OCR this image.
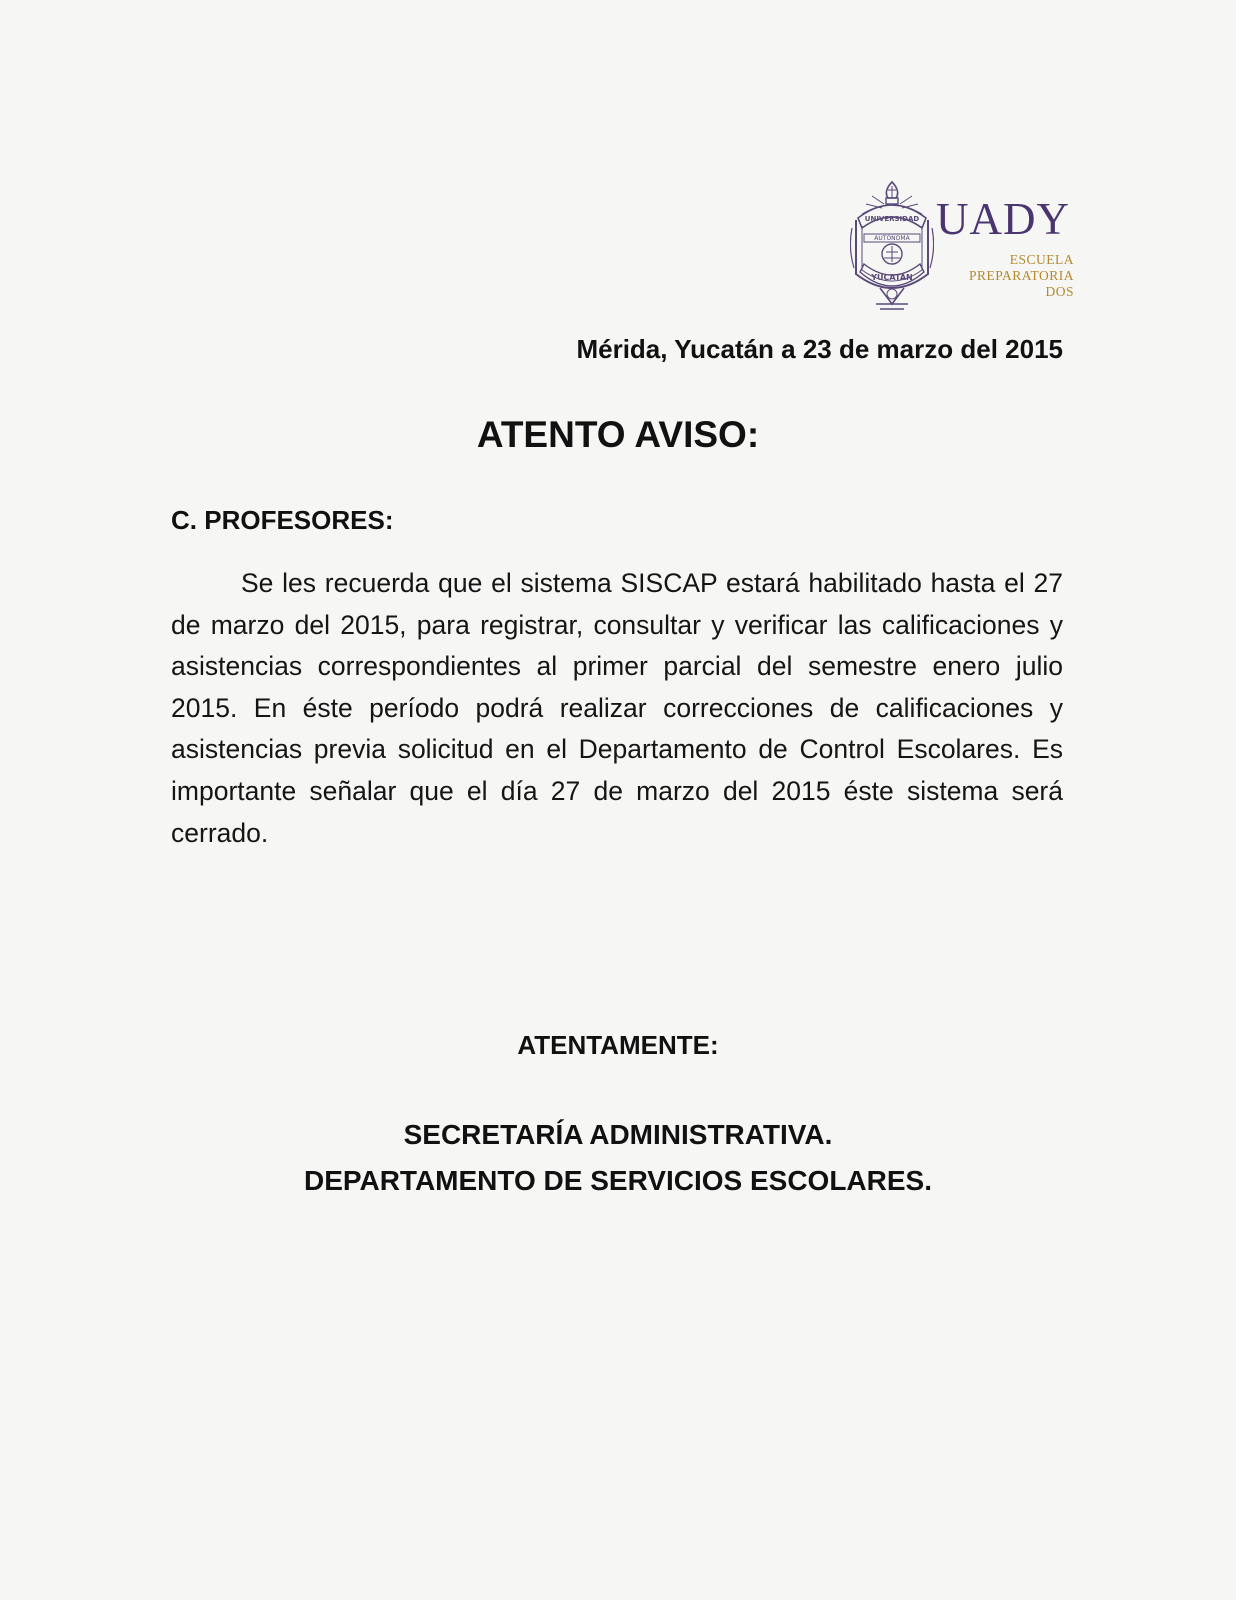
UNIVERSIDAD
AUTÓNOMA
YUCATÁN
UADY
ESCUELA
PREPARATORIA
DOS
Mérida, Yucatán a 23 de marzo del 2015
ATENTO AVISO:
C. PROFESORES:

Se les recuerda que el sistema SISCAP estará habilitado hasta el 27 de marzo del 2015, para registrar, consultar y verificar las calificaciones y asistencias correspondientes al primer parcial del semestre enero julio 2015. En éste período podrá realizar correcciones de calificaciones y asistencias previa solicitud en el Departamento de Control Escolares. Es importante señalar que el día 27 de marzo del 2015 éste sistema será cerrado.

ATENTAMENTE:
SECRETARÍA ADMINISTRATIVA.
DEPARTAMENTO DE SERVICIOS ESCOLARES.
